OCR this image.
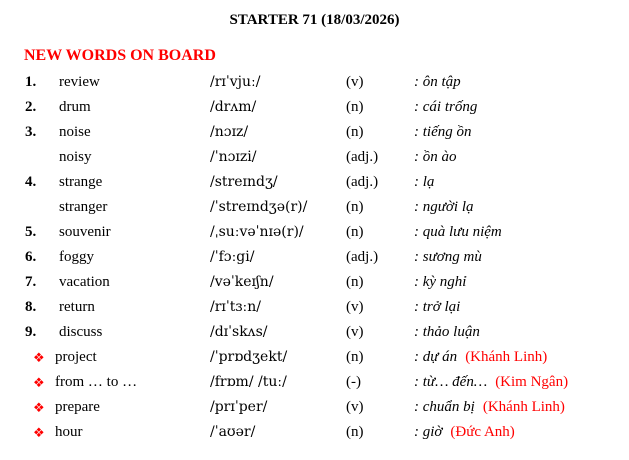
STARTER 71 (18/03/2026)
NEW WORDS ON BOARD
1. review	/rɪˈvjuː/	(v)	: ôn tập
2. drum	/drʌm/	(n)	: cái trống
3. noise	/nɔɪz/	(n)	: tiếng ồn
noisy	/ˈnɔɪzi/	(adj.) : ồn ào
4. strange	/streɪndʒ/	(adj.) : lạ
stranger	/ˈstreɪndʒə(r)/	(n)	: người lạ
5. souvenir	/ˌsuːvəˈnɪə(r)/	(n)	: quà lưu niệm
6. foggy	/ˈfɔːgi/	(adj.) : sương mù
7. vacation	/vəˈkeɪʃn/	(n)	: kỳ nghỉ
8. return	/rɪˈtɜːn/	(v)	: trở lại
9. discuss	/dɪˈskʌs/	(v)	: thảo luận
❖ project	/ˈprɒdʒekt/	(n)	: dự án (Khánh Linh)
❖ from … to …	/frɒm/ /tuː/	(-)	: từ… đến… (Kim Ngân)
❖ prepare	/prɪˈper/	(v)	: chuẩn bị (Khánh Linh)
❖ hour	/ˈaʊər/	(n)	: giờ (Đức Anh)
